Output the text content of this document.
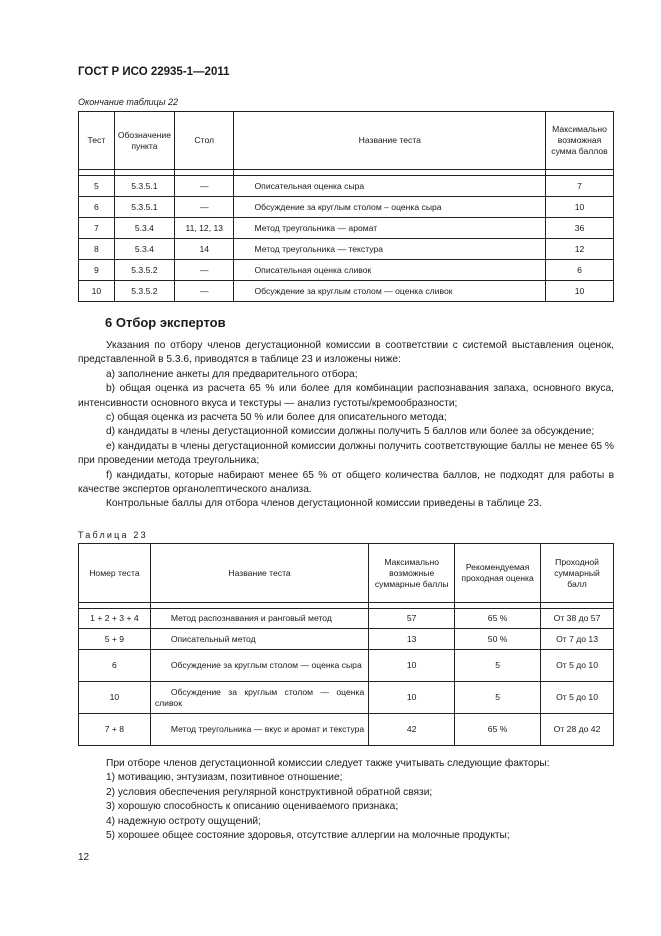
ГОСТ Р ИСО 22935-1—2011
Окончание таблицы 22
Тест	Обозначение пункта	Стол	Название теста	Максимально возможная сумма баллов

5	5.3.5.1	—	Описательная оценка сыра	7
6	5.3.5.1	—	Обсуждение за круглым столом – оценка сыра	10
7	5.3.4	11, 12, 13	Метод треугольника — аромат	36
8	5.3.4	14	Метод треугольника — текстура	12
9	5.3.5.2	—	Описательная оценка сливок	6
10	5.3.5.2	—	Обсуждение за круглым столом — оценка сливок	10
6 Отбор экспертов

Указания по отбору членов дегустационной комиссии в соответствии с системой выставления оценок, представленной в 5.3.6, приводятся в таблице 23 и изложены ниже:

а) заполнение анкеты для предварительного отбора;

b) общая оценка из расчета 65 % или более для комбинации распознавания запаха, основного вкуса, интенсивности основного вкуса и текстуры — анализ густоты/кремообразности;

c) общая оценка из расчета 50 % или более для описательного метода;

d) кандидаты в члены дегустационной комиссии должны получить 5 баллов или более за обсуждение;

е) кандидаты в члены дегустационной комиссии должны получить соответствующие баллы не менее 65 % при проведении метода треугольника;

f) кандидаты, которые набирают менее 65 % от общего количества баллов, не подходят для работы в качестве экспертов органолептического анализа.

Контрольные баллы для отбора членов дегустационной комиссии приведены в таблице 23.

Таблица 23
Номер теста	Название теста	Максимально возможные суммарные баллы	Рекомендуемая проходная оценка	Проходной суммарный балл

1 + 2 + 3 + 4	Метод распознавания и ранговый метод	57	65 %	От 38 до 57
5 + 9	Описательный метод	13	50 %	От 7 до 13
6	Обсуждение за круглым столом — оценка сыра	10	5	От 5 до 10
10	Обсуждение за круглым столом — оценка сливок	10	5	От 5 до 10
7 + 8	Метод треугольника — вкус и аромат и текстура	42	65 %	От 28 до 42

При отборе членов дегустационной комиссии следует также учитывать следующие факторы:

1) мотивацию, энтузиазм, позитивное отношение;

2) условия обеспечения регулярной конструктивной обратной связи;

3) хорошую способность к описанию оцениваемого признака;

4) надежную остроту ощущений;

5) хорошее общее состояние здоровья, отсутствие аллергии на молочные продукты;

12
